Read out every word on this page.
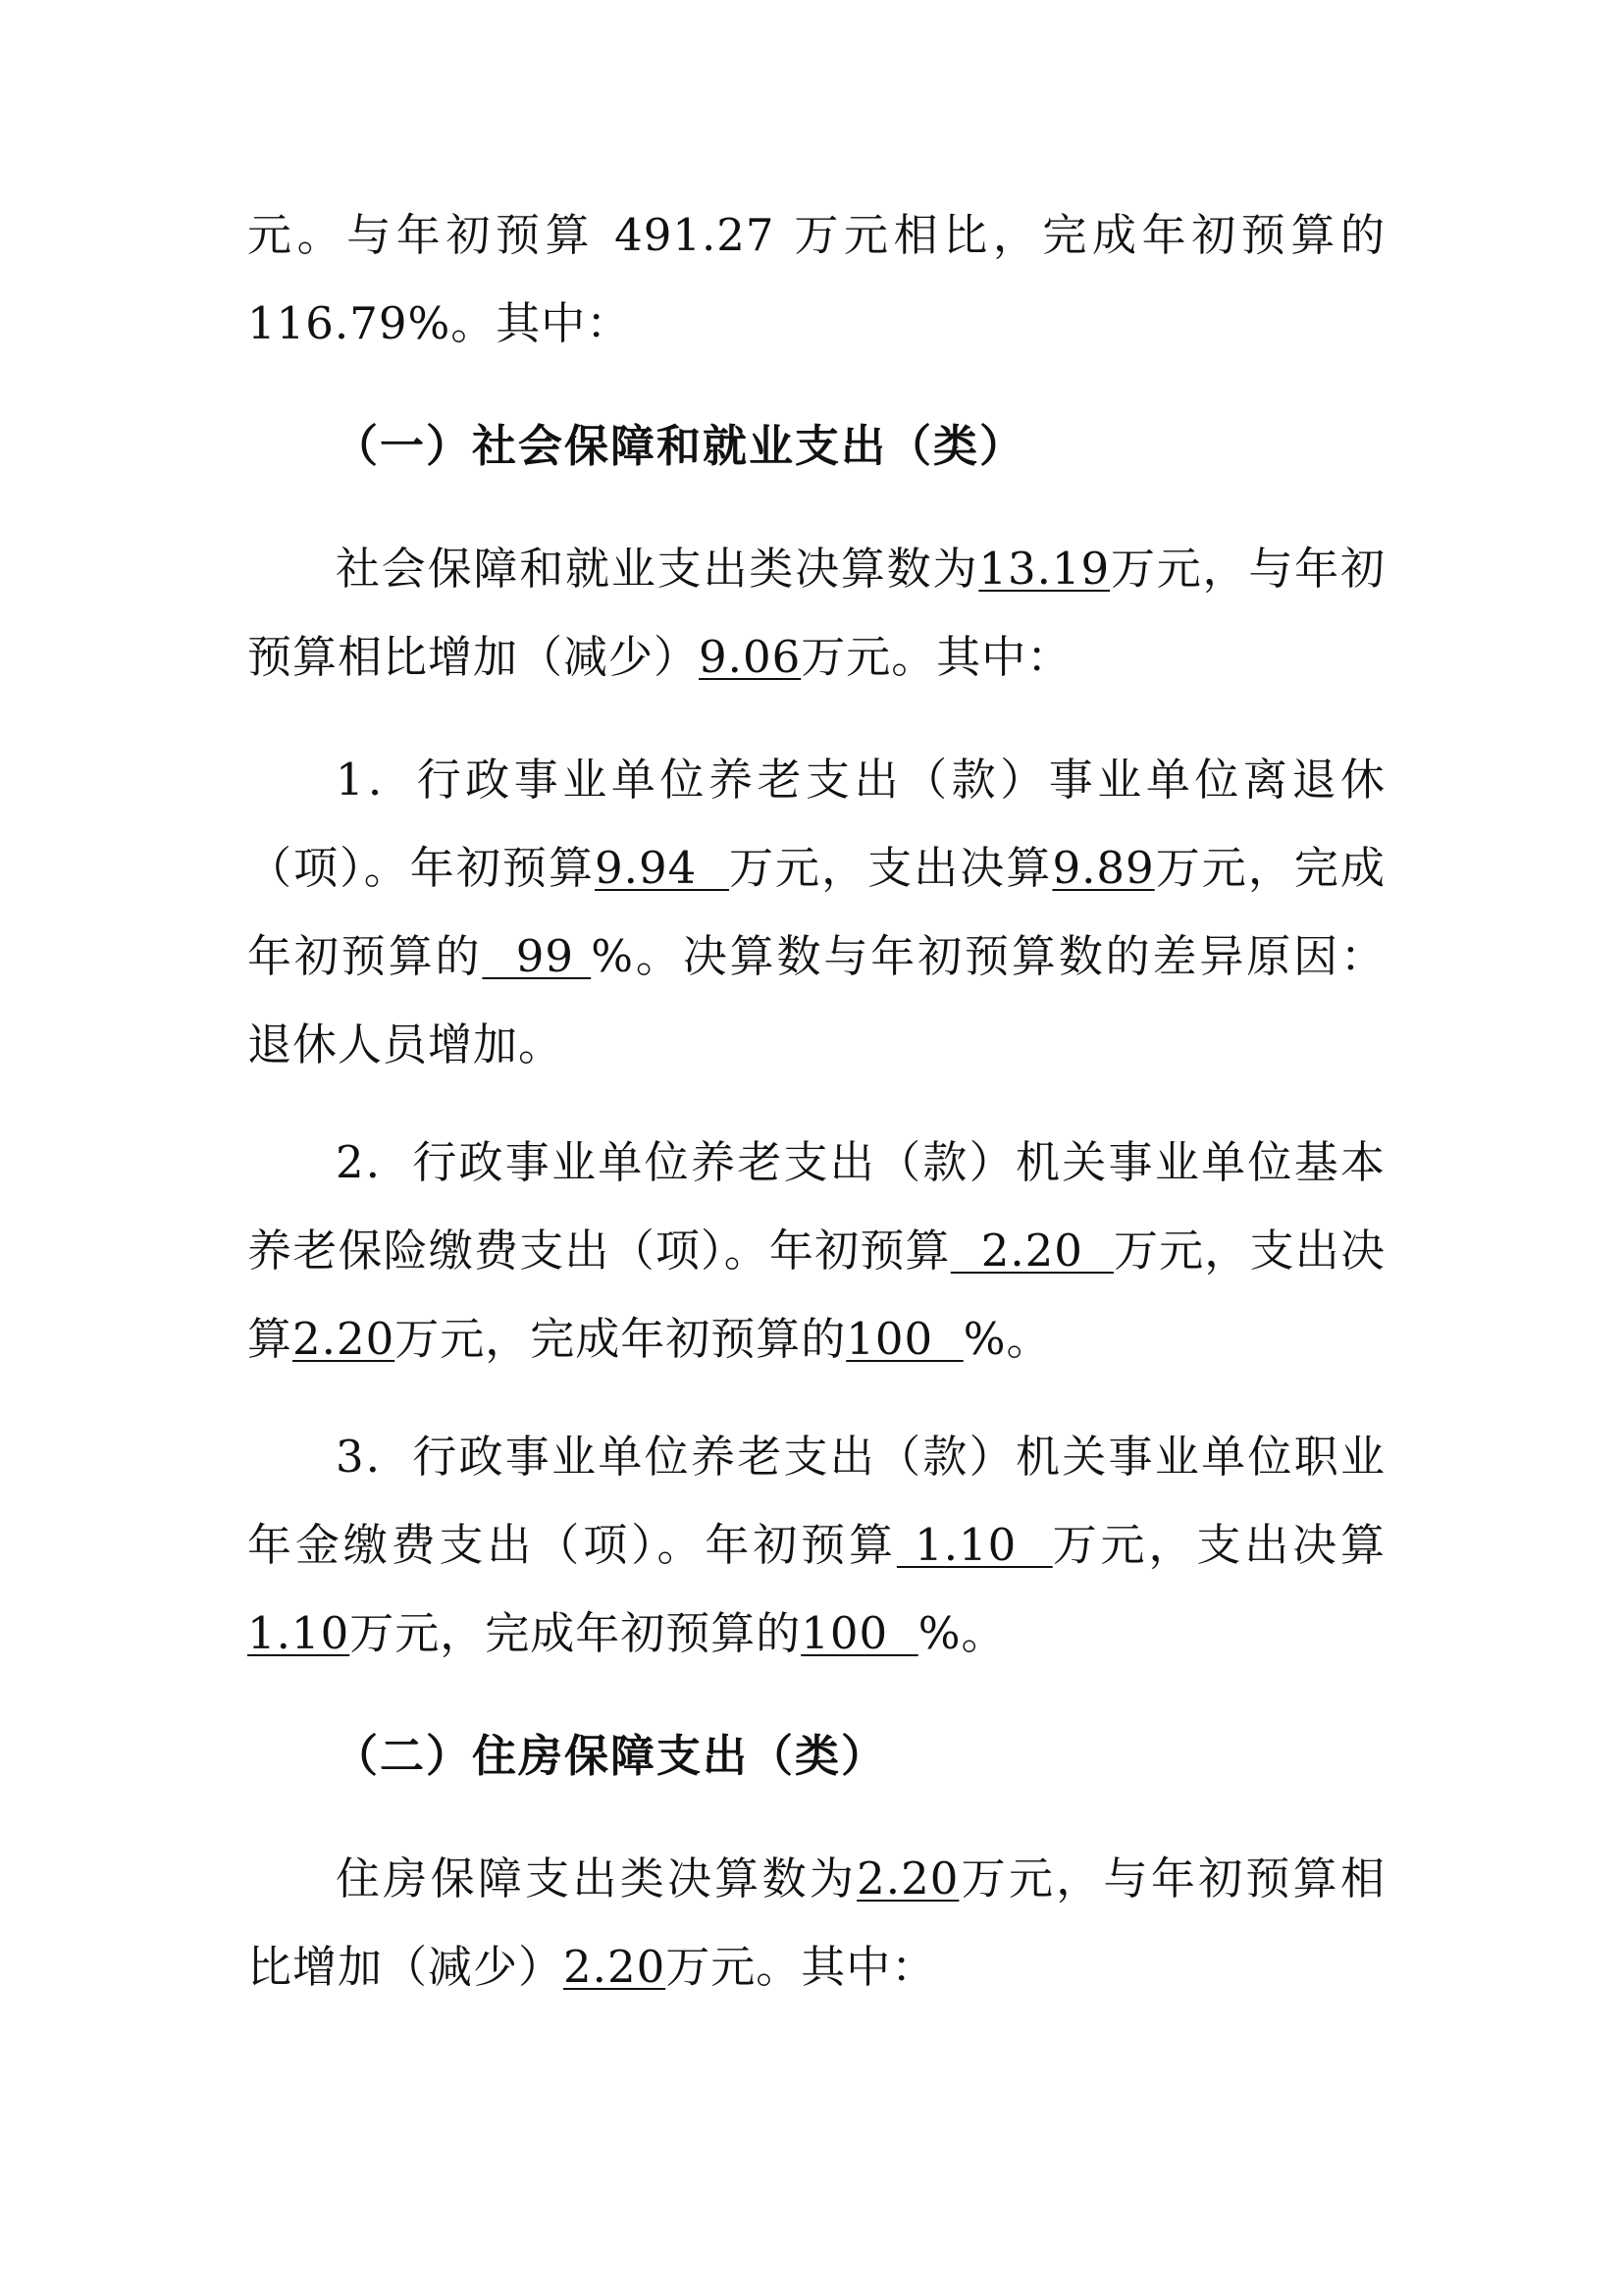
元。与年初预算 491.27 万元相比，完成年初预算的 116.79%。其中：

（一）社会保障和就业支出（类）

社会保障和就业支出类决算数为13.19万元，与年初预算相比增加（减少）9.06万元。其中：

1．行政事业单位养老支出（款）事业单位离退休（项）。年初预算9.94  万元，支出决算9.89万元，完成年初预算的  99 %。决算数与年初预算数的差异原因：退休人员增加。

2．行政事业单位养老支出（款）机关事业单位基本养老保险缴费支出（项）。年初预算  2.20  万元，支出决算2.20万元，完成年初预算的100  %。

3．行政事业单位养老支出（款）机关事业单位职业年金缴费支出（项）。年初预算 1.10  万元，支出决算1.10万元，完成年初预算的100  %。

（二）住房保障支出（类）

住房保障支出类决算数为2.20万元，与年初预算相比增加（减少）2.20万元。其中：
